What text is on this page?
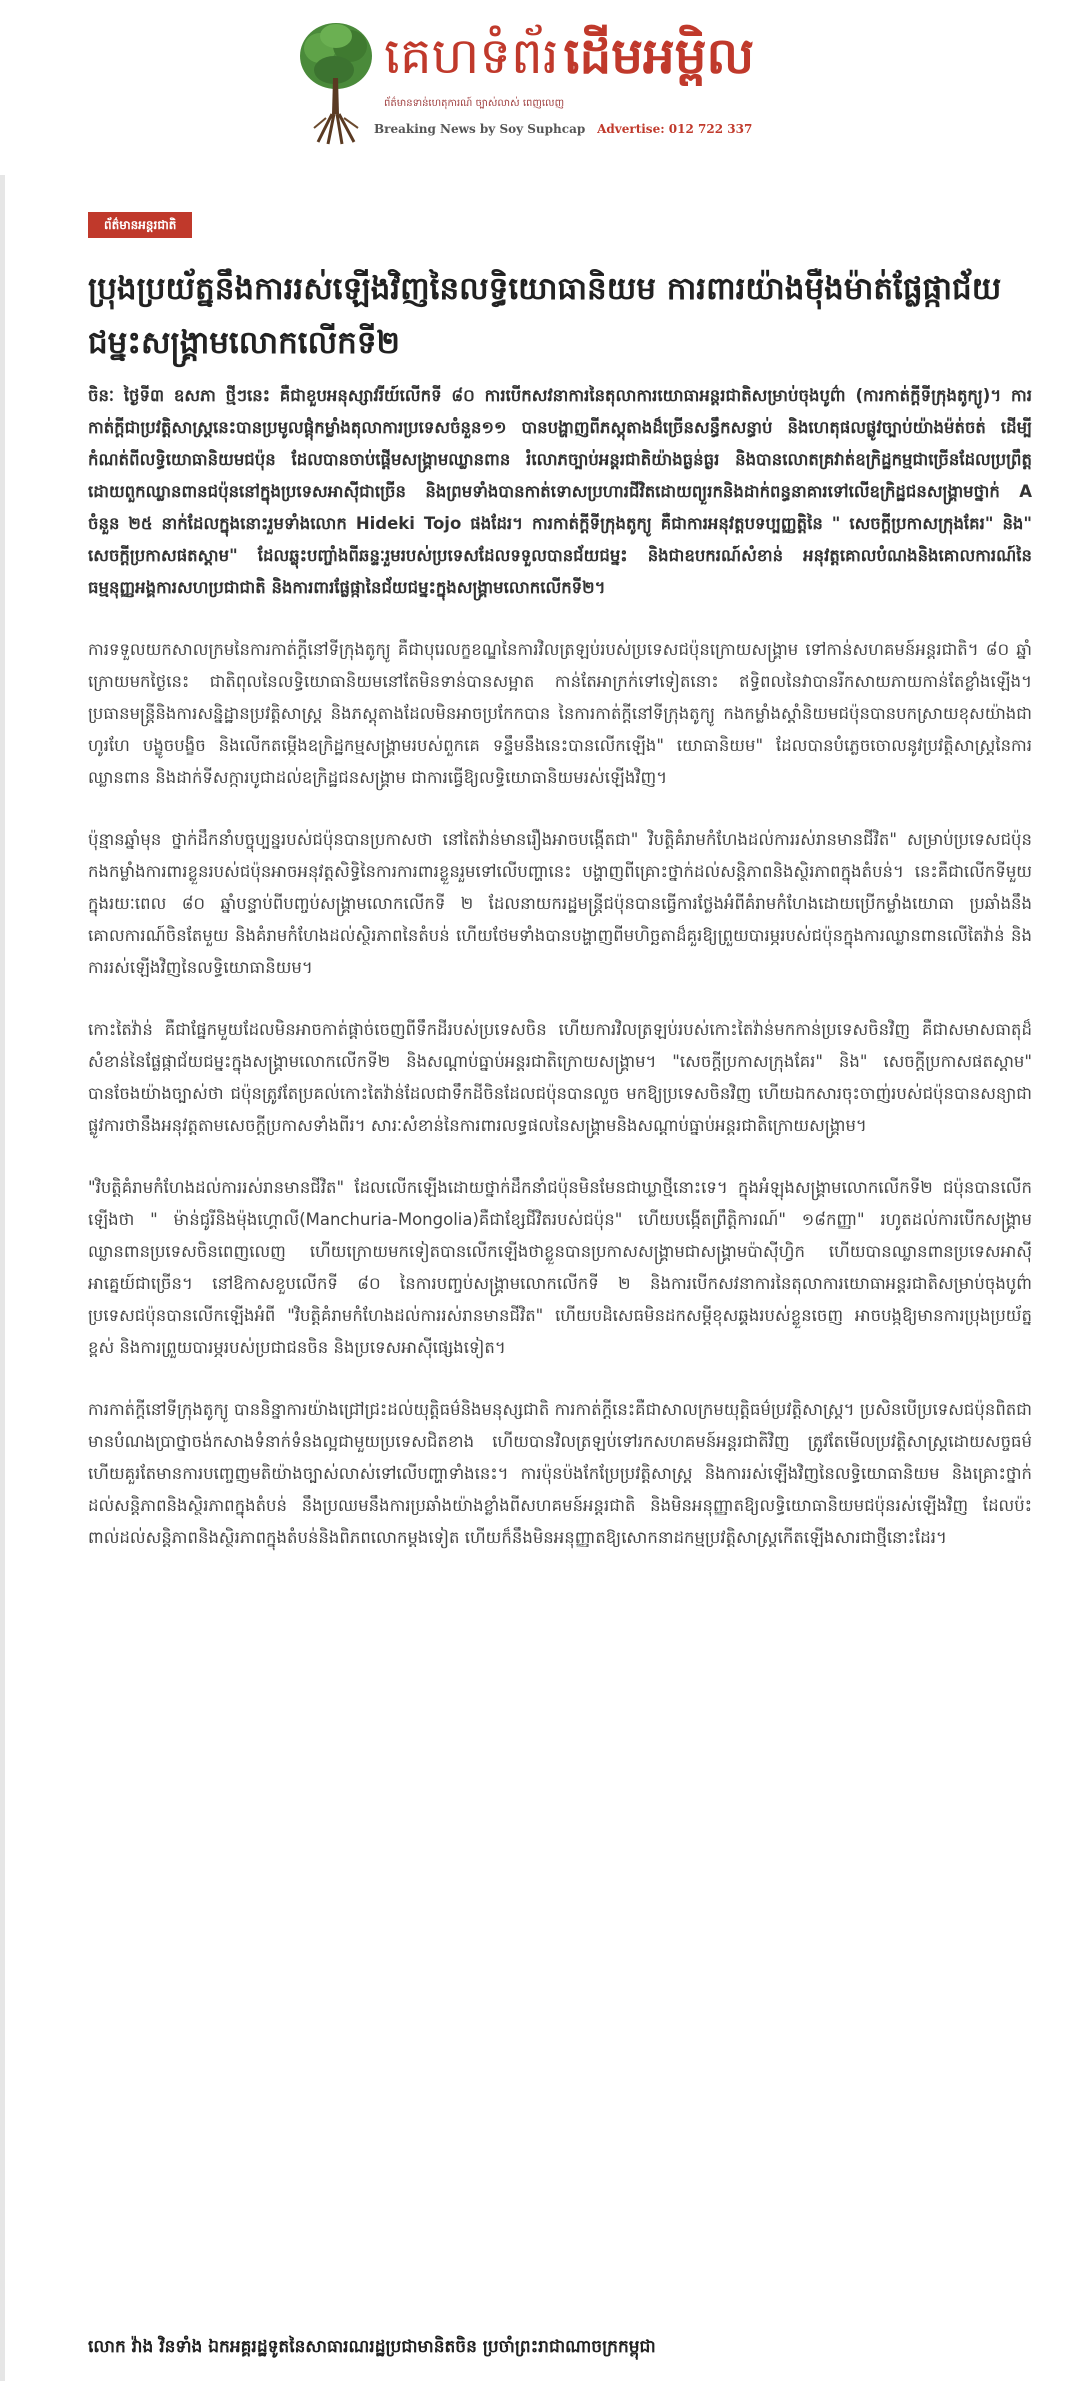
គេហទំព័រ ដើមអម្ពិល
ព័ត៌មានទាន់ហេតុការណ៍ ច្បាស់លាស់ ពេញលេញ
Breaking News by Soy Suphcap Advertise: 012 722 337
ព័ត៌មានអន្តរជាតិ
ប្រុងប្រយ័ត្ននឹងការរស់ឡើងវិញនៃលទ្ធិយោធានិយម ការពារយ៉ាងម៉ឺងម៉ាត់ផ្លែផ្កាជ័យជម្នះសង្គ្រាមលោកលើកទី២

ចិនៈ ថ្ងៃទី៣ ឧសភា ថ្មីៗនេះ គឺជាខួបអនុស្សាវរីយ៍លើកទី ៨០ ការបើកសវនាការនៃតុលាការយោធាអន្តរជាតិសម្រាប់ចុងបូព៌ា (ការកាត់ក្តីទីក្រុងតូក្យូ)។ ការកាត់ក្តីជាប្រវត្តិសាស្ត្រនេះបានប្រមូលផ្តុំកម្លាំងតុលាការប្រទេសចំនួន១១ បានបង្ហាញពីភស្តុតាងដ៏ច្រើនសន្ធឹកសន្ធាប់ និងហេតុផលផ្លូវច្បាប់យ៉ាងម៉ត់ចត់ ដើម្បីកំណត់ពីលទ្ធិយោធានិយមជប៉ុន ដែលបានចាប់ផ្តើមសង្គ្រាមឈ្លានពាន រំលោភច្បាប់អន្តរជាតិយ៉ាងធ្ងន់ធ្ងរ និងបានលោតគ្រវាត់ឧក្រិដ្ឋកម្មជាច្រើនដែលប្រព្រឹត្តដោយពួកឈ្លានពានជប៉ុននៅក្នុងប្រទេសអាស៊ីជាច្រើន និងព្រមទាំងបានកាត់ទោសប្រហារជីវិតដោយព្យួរកនិងដាក់ពន្ធនាគារទៅលើឧក្រិដ្ឋជនសង្គ្រាមថ្នាក់ A ចំនួន ២៥ នាក់ដែលក្នុងនោះរួមទាំងលោក Hideki Tojo ផងដែរ។ ការកាត់ក្តីទីក្រុងតូក្យូ គឺជាការអនុវត្តបទប្បញ្ញត្តិនៃ " សេចក្តីប្រកាសក្រុងគែរ" និង" សេចក្តីប្រកាសផតស្តាម" ដែលឆ្លុះបញ្ចាំងពីឆន្ទៈរួមរបស់ប្រទេសដែលទទួលបានជ័យជម្នះ និងជាឧបករណ៍សំខាន់ អនុវត្តគោលបំណងនិងគោលការណ៍នៃធម្មនុញ្ញអង្គការសហប្រជាជាតិ និងការពារផ្លែផ្កានៃជ័យជម្នះក្នុងសង្គ្រាមលោកលើកទី២។

ការទទួលយកសាលក្រមនៃការកាត់ក្តីនៅទីក្រុងតូក្យូ គឺជាបុរេលក្ខខណ្ឌនៃការវិលត្រឡប់របស់ប្រទេសជប៉ុនក្រោយសង្គ្រាម ទៅកាន់សហគមន៍អន្តរជាតិ។ ៨០ ឆ្នាំក្រោយមកថ្ងៃនេះ ជាតិពុលនៃលទ្ធិយោធានិយមនៅតែមិនទាន់បានសម្អាត កាន់តែអាក្រក់ទៅទៀតនោះ ឥទ្ធិពលនៃវាបានរីកសាយភាយកាន់តែខ្លាំងឡើង។ ប្រធានមន្ត្រីនិងការសន្និដ្ឋានប្រវត្តិសាស្ត្រ និងភស្តុតាងដែលមិនអាចប្រកែកបាន នៃការកាត់ក្តីនៅទីក្រុងតូក្យូ កងកម្លាំងស្តាំនិយមជប៉ុនបានបកស្រាយខុសយ៉ាងជាហូរហែ បង្ខូចបង្ខិច និងលើកតម្កើងឧក្រិដ្ឋកម្មសង្គ្រាមរបស់ពួកគេ ទន្ទឹមនឹងនេះបានលើកឡើង" យោធានិយម" ដែលបានបំភ្លេចចោលនូវប្រវត្តិសាស្ត្រនៃការឈ្លានពាន និងដាក់ទីសក្ការបូជាដល់ឧក្រិដ្ឋជនសង្គ្រាម ជាការធ្វើឱ្យលទ្ធិយោធានិយមរស់ឡើងវិញ។

ប៉ុន្មានឆ្នាំមុន ថ្នាក់ដឹកនាំបច្ចុប្បន្នរបស់ជប៉ុនបានប្រកាសថា នៅតៃវ៉ាន់មានរឿងអាចបង្កើតជា" វិបត្តិគំរាមកំហែងដល់ការរស់រានមានជីវិត" សម្រាប់ប្រទេសជប៉ុន កងកម្លាំងការពារខ្លួនរបស់ជប៉ុនអាចអនុវត្តសិទ្ធិនៃការការពារខ្លួនរួមទៅលើបញ្ហានេះ បង្ហាញពីគ្រោះថ្នាក់ដល់សន្តិភាពនិងស្ថិរភាពក្នុងតំបន់។ នេះគឺជាលើកទីមួយក្នុងរយៈពេល ៨០ ឆ្នាំបន្ទាប់ពីបញ្ចប់សង្គ្រាមលោកលើកទី ២ ដែលនាយករដ្ឋមន្ត្រីជប៉ុនបានធ្វើការថ្លែងអំពីគំរាមកំហែងដោយប្រើកម្លាំងយោធា ប្រឆាំងនឹងគោលការណ៍ចិនតែមួយ និងគំរាមកំហែងដល់ស្ថិរភាពនៃតំបន់ ហើយថែមទាំងបានបង្ហាញពីមហិច្ឆតាដ៏គួរឱ្យព្រួយបារម្ភរបស់ជប៉ុនក្នុងការឈ្លានពានលើតៃវ៉ាន់ និងការរស់ឡើងវិញនៃលទ្ធិយោធានិយម។

កោះតៃវ៉ាន់ គឺជាផ្នែកមួយដែលមិនអាចកាត់ផ្តាច់ចេញពីទឹកដីរបស់ប្រទេសចិន ហើយការវិលត្រឡប់របស់កោះតៃវ៉ាន់មកកាន់ប្រទេសចិនវិញ គឺជាសមាសធាតុដ៏សំខាន់នៃផ្លែផ្កាជ័យជម្នះក្នុងសង្គ្រាមលោកលើកទី២ និងសណ្តាប់ធ្នាប់អន្តរជាតិក្រោយសង្គ្រាម។ "សេចក្តីប្រកាសក្រុងគែរ" និង" សេចក្តីប្រកាសផតស្តាម" បានចែងយ៉ាងច្បាស់ថា ជប៉ុនត្រូវតែប្រគល់កោះតៃវ៉ាន់ដែលជាទឹកដីចិនដែលជប៉ុនបានលួច មកឱ្យប្រទេសចិនវិញ ហើយឯកសារចុះចាញ់របស់ជប៉ុនបានសន្យាជាផ្លូវការថានឹងអនុវត្តតាមសេចក្តីប្រកាសទាំងពីរ។ សារៈសំខាន់នៃការពារលទ្ធផលនៃសង្គ្រាមនិងសណ្តាប់ធ្នាប់អន្តរជាតិក្រោយសង្គ្រាម។

"វិបត្តិគំរាមកំហែងដល់ការរស់រានមានជីវិត" ដែលលើកឡើងដោយថ្នាក់ដឹកនាំជប៉ុនមិនមែនជាឃ្លាថ្មីនោះទេ។ ក្នុងអំឡុងសង្គ្រាមលោកលើកទី២ ជប៉ុនបានលើកឡើងថា " ម៉ាន់ជូរីនិងម៉ុងហ្គោលី(Manchuria-Mongolia)គឺជាខ្សែជីវិតរបស់ជប៉ុន" ហើយបង្កើតព្រឹត្តិការណ៍" ១៨កញ្ញា" រហូតដល់ការបើកសង្គ្រាមឈ្លានពានប្រទេសចិនពេញលេញ ហើយក្រោយមកទៀតបានលើកឡើងថាខ្លួនបានប្រកាសសង្គ្រាមជាសង្គ្រាមប៉ាស៊ីហ្វិក ហើយបានឈ្លានពានប្រទេសអាស៊ីអាគ្នេយ៍ជាច្រើន។ នៅឱកាសខួបលើកទី ៨០ នៃការបញ្ចប់សង្គ្រាមលោកលើកទី ២ និងការបើកសវនាការនៃតុលាការយោធាអន្តរជាតិសម្រាប់ចុងបូព៌ា ប្រទេសជប៉ុនបានលើកឡើងអំពី "វិបត្តិគំរាមកំហែងដល់ការរស់រានមានជីវិត" ហើយបដិសេធមិនដកសម្តីខុសឆ្គងរបស់ខ្លួនចេញ អាចបង្កឱ្យមានការប្រុងប្រយ័ត្នខ្ពស់ និងការព្រួយបារម្ភរបស់ប្រជាជនចិន និងប្រទេសអាស៊ីផ្សេងទៀត។

ការកាត់ក្តីនៅទីក្រុងតូក្យូ បាននិន្នាការយ៉ាងជ្រៅជ្រះដល់យុត្តិធម៌និងមនុស្សជាតិ ការកាត់ក្តីនេះគឺជាសាលក្រមយុត្តិធម៌ប្រវត្តិសាស្ត្រ។ ប្រសិនបើប្រទេសជប៉ុនពិតជាមានបំណងប្រាថ្នាចង់កសាងទំនាក់ទំនងល្អជាមួយប្រទេសជិតខាង ហើយបានវិលត្រឡប់ទៅរកសហគមន៍អន្តរជាតិវិញ ត្រូវតែមើលប្រវត្តិសាស្ត្រដោយសច្ចធម៌ ហើយគួរតែមានការបញ្ចេញមតិយ៉ាងច្បាស់លាស់ទៅលើបញ្ហាទាំងនេះ។ ការប៉ុនប៉ងកែប្រែប្រវត្តិសាស្ត្រ និងការរស់ឡើងវិញនៃលទ្ធិយោធានិយម និងគ្រោះថ្នាក់ដល់សន្តិភាពនិងស្ថិរភាពក្នុងតំបន់ នឹងប្រឈមនឹងការប្រឆាំងយ៉ាងខ្លាំងពីសហគមន៍អន្តរជាតិ និងមិនអនុញ្ញាតឱ្យលទ្ធិយោធានិយមជប៉ុនរស់ឡើងវិញ ដែលប៉ះពាល់ដល់សន្តិភាពនិងស្ថិរភាពក្នុងតំបន់និងពិភពលោកម្តងទៀត ហើយក៏នឹងមិនអនុញ្ញាតឱ្យសោកនាដកម្មប្រវត្តិសាស្ត្រកើតឡើងសារជាថ្មីនោះដែរ។

លោក វ៉ាង វិនទាំង ឯកអគ្គរដ្ឋទូតនៃសាធារណរដ្ឋប្រជាមានិតចិន ប្រចាំព្រះរាជាណាចក្រកម្ពុជា
